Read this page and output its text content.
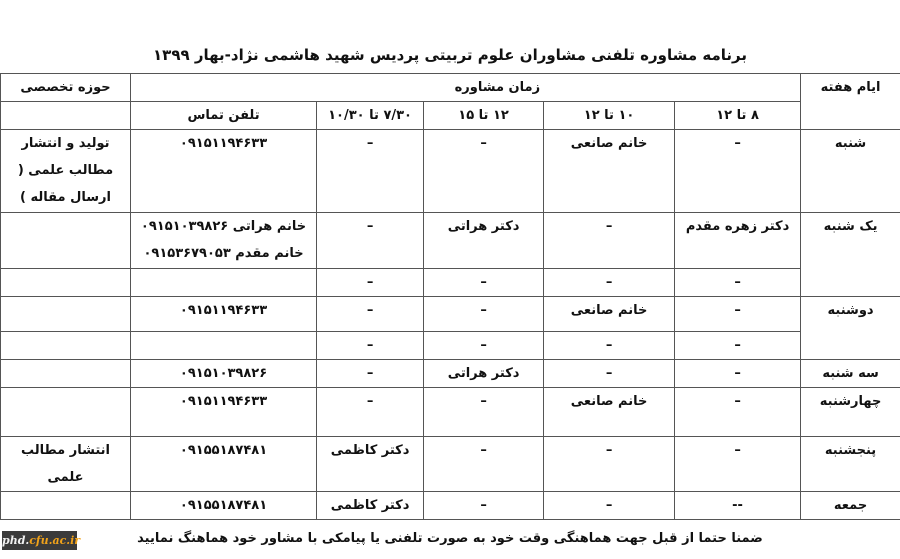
برنامه مشاوره تلفنی مشاوران علوم تربیتی پردیس شهید هاشمی نژاد-بهار ۱۳۹۹
ایام هفته	زمان مشاوره					حوزه تخصصی
	۸ تا ۱۲	۱۰ تا ۱۲	۱۲ تا ۱۵	۷/۳۰ تا ۱۰/۳۰	تلفن تماس	
شنبه	–	خانم صانعی	–	–	۰۹۱۵۱۱۹۴۶۳۳	تولید و انتشار مطالب علمی ( ارسال مقاله )
یک شنبه	دکتر زهره مقدم	–	دکتر هراتی	–	خانم هراتی ۰۹۱۵۱۰۳۹۸۲۶
خانم مقدم ۰۹۱۵۳۶۷۹۰۵۳	

	–	–	–	–		
دوشنبه	–	خانم صانعی	–	–	۰۹۱۵۱۱۹۴۶۳۳	
	–	–	–	–		
سه شنبه	–	–	دکتر هراتی	–	۰۹۱۵۱۰۳۹۸۲۶	
چهارشنبه	–	خانم صانعی	–	–	۰۹۱۵۱۱۹۴۶۳۳	
پنجشنبه	–	–	–	دکتر کاظمی	۰۹۱۵۵۱۸۷۴۸۱	انتشار مطالب علمی
جمعه	--	–	–	دکتر کاظمی	۰۹۱۵۵۱۸۷۴۸۱	
ضمنا حتما از قبل جهت هماهنگی وقت خود به صورت تلفنی یا پیامکی با مشاور خود هماهنگ نمایید
phd.cfu.ac.ir
